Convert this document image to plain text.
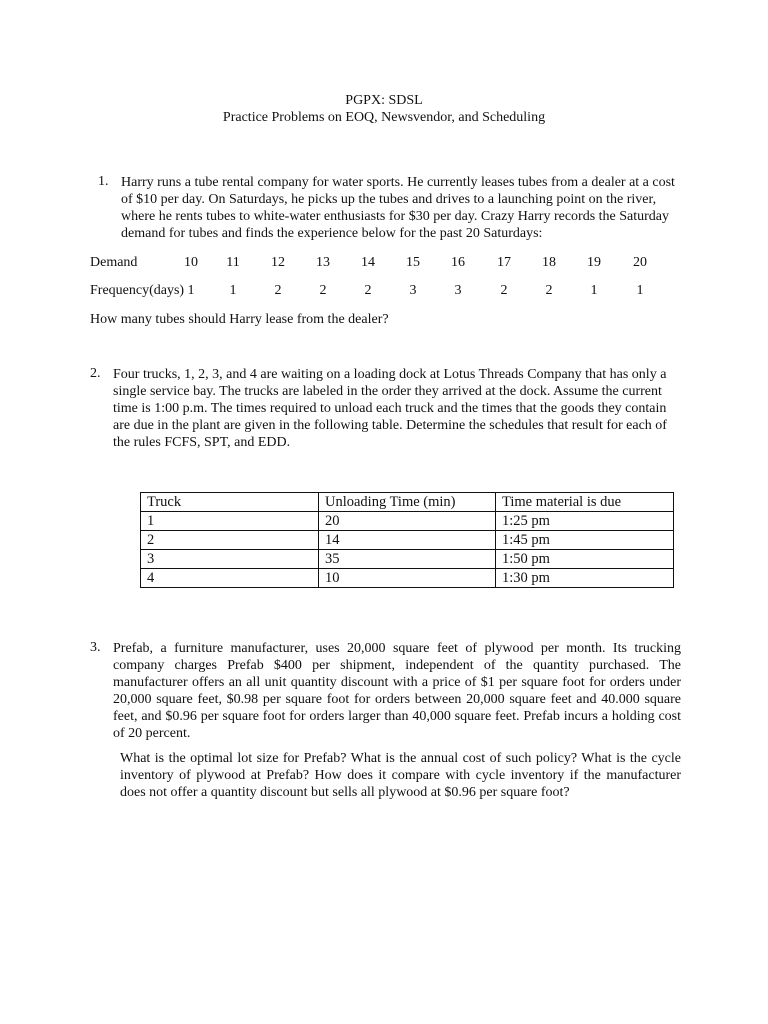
PGPX: SDSL
Practice Problems on EOQ, Newsvendor, and Scheduling
1. Harry runs a tube rental company for water sports. He currently leases tubes from a dealer at a cost of $10 per day. On Saturdays, he picks up the tubes and drives to a launching point on the river, where he rents tubes to white-water enthusiasts for $30 per day. Crazy Harry records the Saturday demand for tubes and finds the experience below for the past 20 Saturdays:
Demand	10	11	12	13	14	15	16	17	18	19	20
Frequency(days) 1	1	2	2	2	3	3	2	2	1	1
How many tubes should Harry lease from the dealer?
2. Four trucks, 1, 2, 3, and 4 are waiting on a loading dock at Lotus Threads Company that has only a single service bay. The trucks are labeled in the order they arrived at the dock. Assume the current time is 1:00 p.m. The times required to unload each truck and the times that the goods they contain are due in the plant are given in the following table. Determine the schedules that result for each of the rules FCFS, SPT, and EDD.
Truck	Unloading Time (min)	Time material is due
1	20	1:25 pm
2	14	1:45 pm
3	35	1:50 pm
4	10	1:30 pm
3. Prefab, a furniture manufacturer, uses 20,000 square feet of plywood per month. Its trucking company charges Prefab $400 per shipment, independent of the quantity purchased. The manufacturer offers an all unit quantity discount with a price of $1 per square foot for orders under 20,000 square feet, $0.98 per square foot for orders between 20,000 square feet and 40.000 square feet, and $0.96 per square foot for orders larger than 40,000 square feet. Prefab incurs a holding cost of 20 percent.
What is the optimal lot size for Prefab? What is the annual cost of such policy? What is the cycle inventory of plywood at Prefab? How does it compare with cycle inventory if the manufacturer does not offer a quantity discount but sells all plywood at $0.96 per square foot?
